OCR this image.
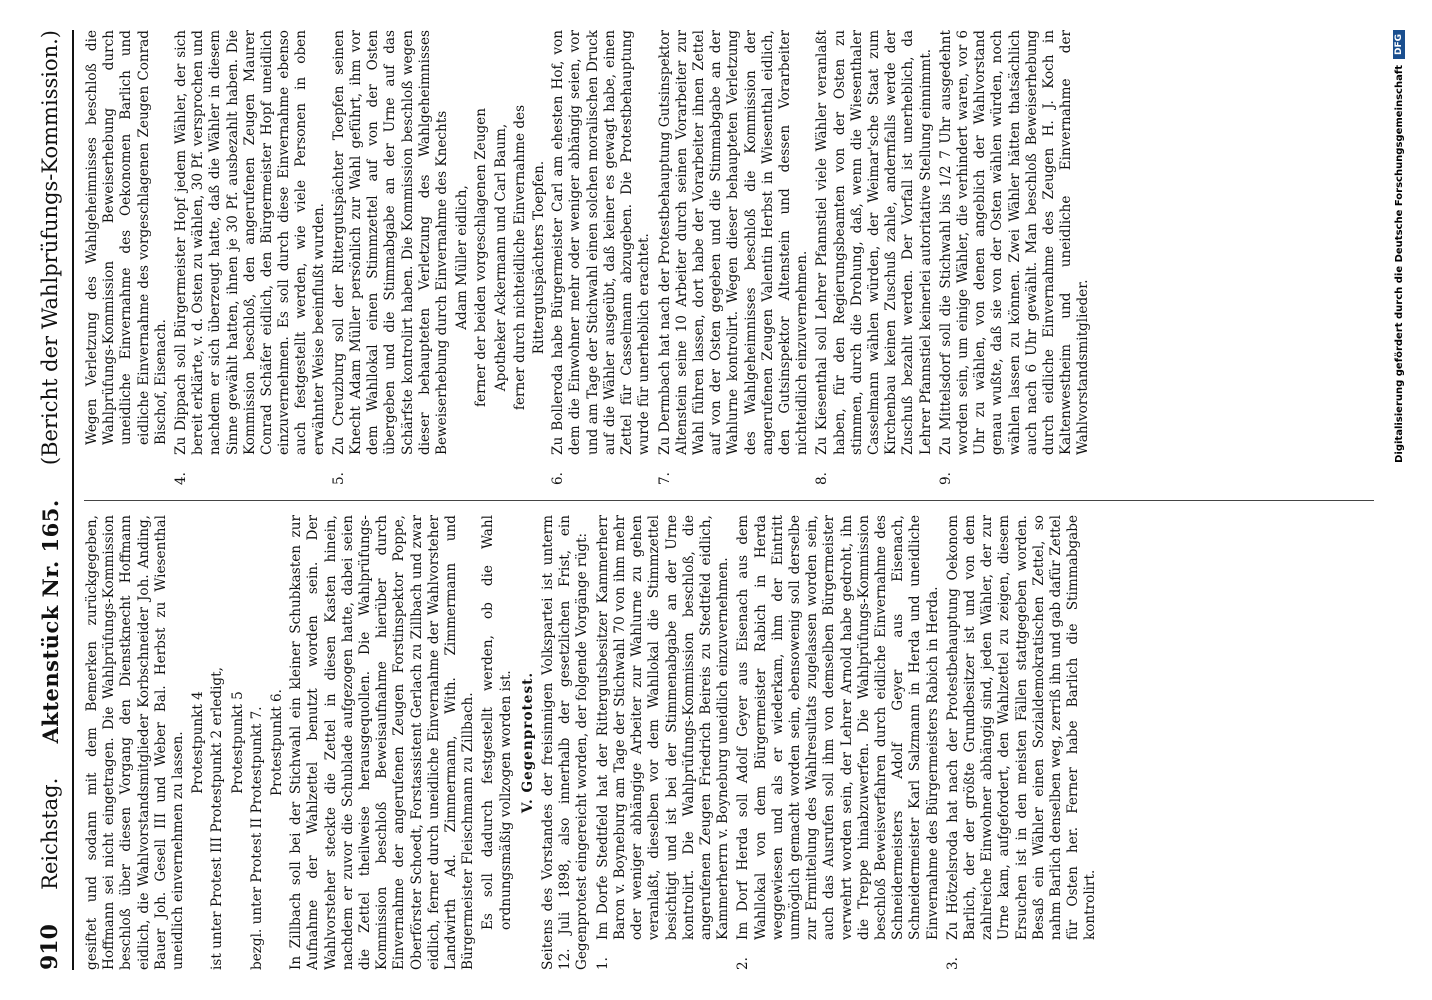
910
Reichstag.
Aktenstück Nr. 165.
(Bericht der Wahlprüfungs-Kommission.)

gesiftet und sodann mit dem Bemerken zurückgegeben, Hoffmann sei nicht eingetragen. Die Wahlprüfungs-Kommission beschloß über diesen Vorgang den Dienstknecht Hoffmann eidlich, die Wahlvorstandsmitglieder Korbschneider Joh. Anding, Bauer Joh. Gesell III und Weber Bal. Herbst zu Wiesenthal uneidlich einvernehmen zu lassen. Protestpunkt 4 ist unter Protest III Protestpunkt 2 erledigt, Protestpunkt 5 bezgl. unter Protest II Protestpunkt 7. Protestpunkt 6. In Zillbach soll bei der Stichwahl ein kleiner Schubkasten zur Aufnahme der Wahlzettel benutzt worden sein. Der Wahlvorsteher steckte die Zettel in diesen Kasten hinein, nachdem er zuvor die Schublade aufgezogen hatte, dabei seien die Zettel theilweise herausgequollen. Die Wahlprüfungs-Kommission beschloß Beweisaufnahme hierüber durch Einvernahme der angerufenen Zeugen Forstinspektor Poppe, Oberförster Schoedt, Forstassistent Gerlach zu Zillbach und zwar eidlich, ferner durch uneidliche Einvernahme der Wahlvorsteher Landwirth Ad. Zimmermann, With. Zimmermann und Bürgermeister Fleischmann zu Zillbach. Es soll dadurch festgestellt werden, ob die Wahl ordnungsmäßig vollzogen worden ist. V. Gegenprotest. Seitens des Vorstandes der freisinnigen Volkspartei ist unterm 12. Juli 1898, also innerhalb der gesetzlichen Frist, ein Gegenprotest eingereicht worden, der folgende Vorgänge rügt: 1.
Im Dorfe Stedtfeld hat der Rittergutsbesitzer Kammerherr Baron v. Boyneburg am Tage der Stichwahl 70 von ihm mehr oder weniger abhängige Arbeiter zur Wahlurne zu gehen veranlaßt, dieselben vor dem Wahllokal die Stimmzettel besichtigt und ist bei der Stimmenabgabe an der Urne kontrolirt. Die Wahlprüfungs-Kommission beschloß, die angerufenen Zeugen Friedrich Beireis zu Stedtfeld eidlich, Kammerherrn v. Boyneburg uneidlich einzuvernehmen.
2.
Im Dorf Herda soll Adolf Geyer aus Eisenach aus dem Wahllokal von dem Bürgermeister Rabich in Herda weggewiesen und als er wiederkam, ihm der Eintritt unmöglich gemacht worden sein, ebensowenig soll derselbe zur Ermittelung des Wahlresultats zugelassen worden sein, auch das Ausrufen soll ihm von demselben Bürgermeister verwehrt worden sein, der Lehrer Arnold habe gedroht, ihn die Treppe hinabzuwerfen. Die Wahlprüfungs-Kommission beschloß Beweisverfahren durch eidliche Einvernahme des Schneidermeisters Adolf Geyer aus Eisenach, Schneidermeister Karl Salzmann in Herda und uneidliche Einvernahme des Bürgermeisters Rabich in Herda.
3.
Zu Hötzelsroda hat nach der Protestbehauptung Oekonom Barlich, der der größte Grundbesitzer ist und von dem zahlreiche Einwohner abhängig sind, jeden Wähler, der zur Urne kam, aufgefordert, den Wahlzettel zu zeigen, diesem Ersuchen ist in den meisten Fällen stattgegeben worden. Besaß ein Wähler einen Sozialdemokratischen Zettel, so nahm Barlich denselben weg, zerriß ihn und gab dafür Zettel für Osten her. Ferner habe Barlich die Stimmabgabe kontrolirt.

Wegen Verletzung des Wahlgeheimnisses beschloß die Wahlprüfungs-Kommission Beweiserhebung durch uneidliche Einvernahme des Oekonomen Barlich und eidliche Einvernahme des vorgeschlagenen Zeugen Conrad Bischof, Eisenach.

4.
Zu Dippach soll Bürgermeister Hopf jedem Wähler, der sich bereit erklärte, v. d. Osten zu wählen, 30 Pf. versprochen und nachdem er sich überzeugt hatte, daß die Wähler in diesem Sinne gewählt hatten, ihnen je 30 Pf. ausbezahlt haben. Die Kommission beschloß, den angerufenen Zeugen Maurer Conrad Schäfer eidlich, den Bürgermeister Hopf uneidlich einzuvernehmen. Es soll durch diese Einvernahme ebenso auch festgestellt werden, wie viele Personen in oben erwähnter Weise beeinflußt wurden.
5.
Zu Creuzburg soll der Rittergutspächter Toepfen seinen Knecht Adam Müller persönlich zur Wahl geführt, ihm vor dem Wahllokal einen Stimmzettel auf von der Osten übergeben und die Stimmabgabe an der Urne auf das Schärfste kontrolirt haben. Die Kommission beschloß wegen dieser behaupteten Verletzung des Wahlgeheimnisses Beweiserhebung durch Einvernahme des Knechts Adam Müller eidlich, ferner der beiden vorgeschlagenen Zeugen Apotheker Ackermann und Carl Baum, ferner durch nichteidliche Einvernahme des Rittergutspächters Toepfen.

6.
Zu Bolleroda habe Bürgermeister Carl am ehesten Hof, von dem die Einwohner mehr oder weniger abhängig seien, vor und am Tage der Stichwahl einen solchen moralischen Druck auf die Wähler ausgeübt, daß keiner es gewagt habe, einen Zettel für Casselmann abzugeben. Die Protestbehauptung wurde für unerheblich erachtet.
7.
Zu Dermbach hat nach der Protestbehauptung Gutsinspektor Altenstein seine 10 Arbeiter durch seinen Vorarbeiter zur Wahl führen lassen, dort habe der Vorarbeiter ihnen Zettel auf von der Osten gegeben und die Stimmabgabe an der Wahlurne kontrolirt. Wegen dieser behaupteten Verletzung des Wahlgeheimnisses beschloß die Kommission der angerufenen Zeugen Valentin Herbst in Wiesenthal eidlich, den Gutsinspektor Altenstein und dessen Vorarbeiter nichteidlich einzuvernehmen.
8.
Zu Kiesenthal soll Lehrer Pfannstiel viele Wähler veranlaßt haben, für den Regierungsbeamten von der Osten zu stimmen, durch die Drohung, daß, wenn die Wiesenthaler Casselmann wählen würden, der Weimar'sche Staat zum Kirchenbau keinen Zuschuß zahle, andernfalls werde der Zuschuß bezahlt werden. Der Vorfall ist unerheblich, da Lehrer Pfannstiel keinerlei autoritative Stellung einnimmt.
9.
Zu Mittelsdorf soll die Stichwahl bis 1/2 7 Uhr ausgedehnt worden sein, um einige Wähler, die verhindert waren, vor 6 Uhr zu wählen, von denen angeblich der Wahlvorstand genau wußte, daß sie von der Osten wählen würden, noch wählen lassen zu können. Zwei Wähler hätten thatsächlich auch nach 6 Uhr gewählt. Man beschloß Beweiserhebung durch eidliche Einvernahme des Zeugen H. J. Koch in Kaltenwestheim und uneidliche Einvernahme der Wahlvorstandsmitglieder.	Digitalisierung gefördert durch die Deutsche Forschungsgemeinschaft
DFG
